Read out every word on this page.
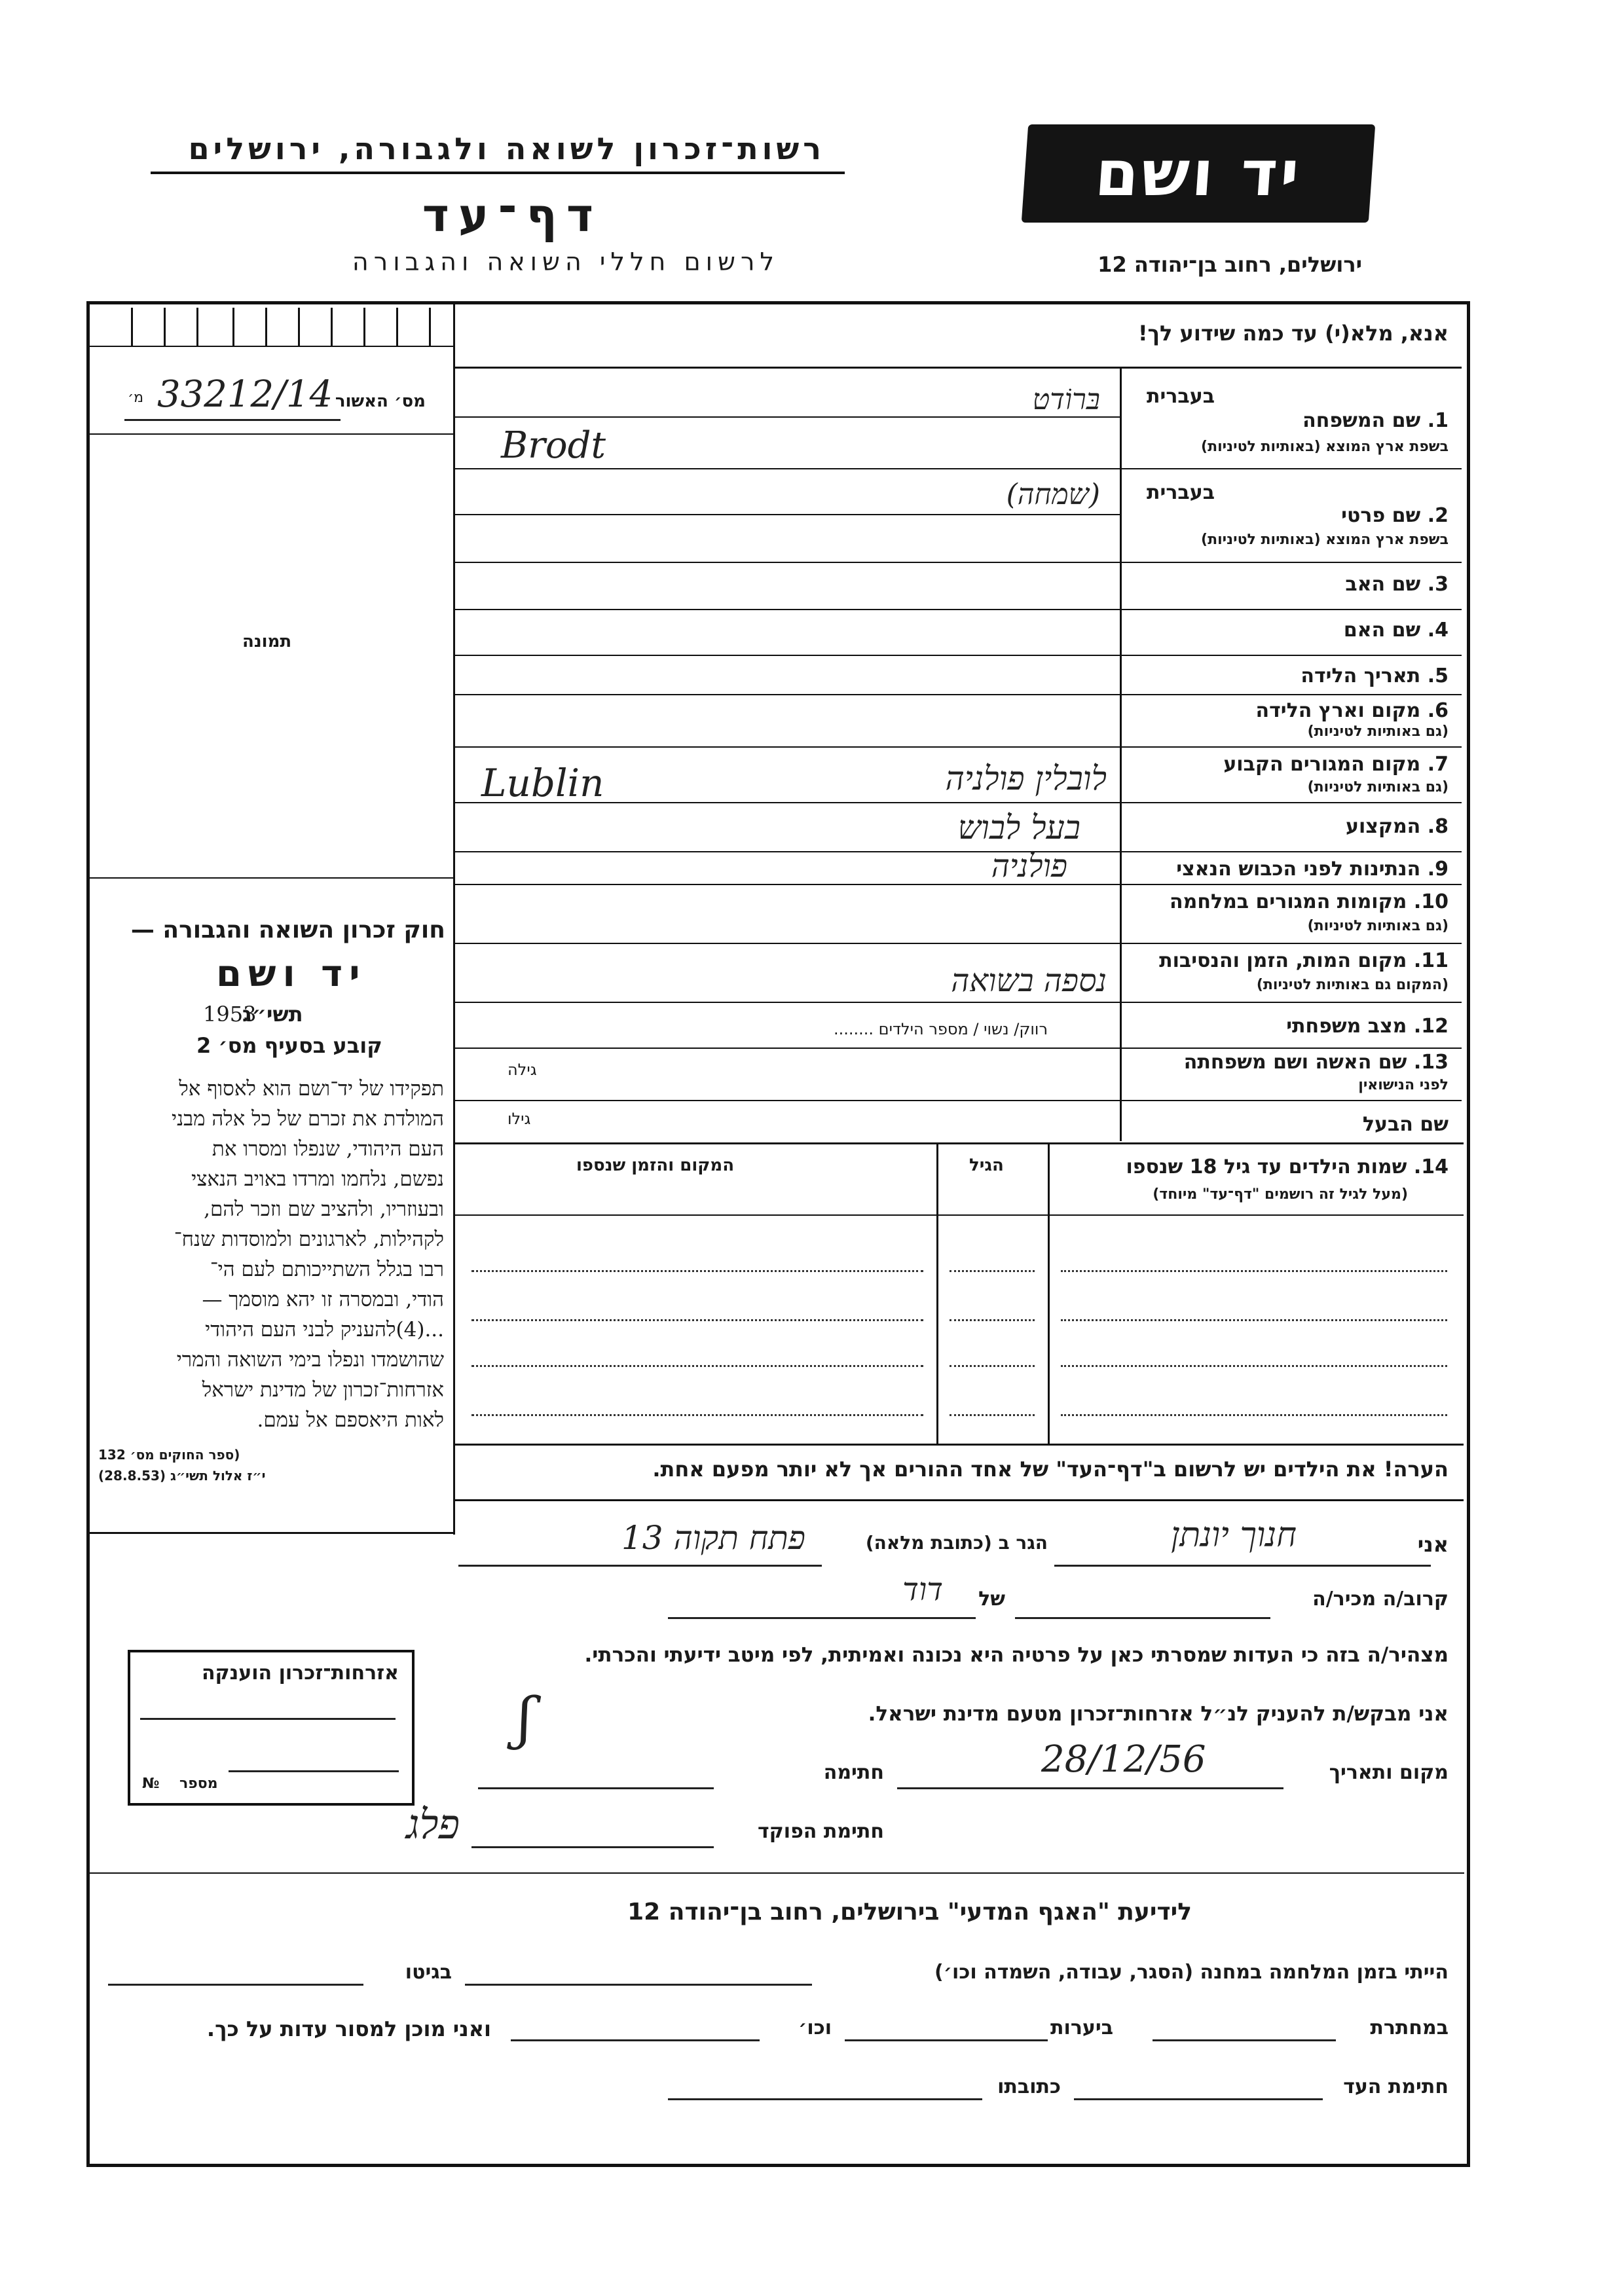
רשות־זכרון לשואה ולגבורה, ירושלים
דף־עד
לרשום חללי השואה והגבורה
יד ושם
ירושלים, רחוב בן־יהודה 12
33212/14
מ׳	מס׳ האשור
תמונה
חוק זכרון השואה והגבורה —
יד ושם
תשי״ג
1953
קובע בסעיף מס׳ 2
תפקידו של יד־ושם הוא לאסוף אל
המולדת את זכרם של כל אלה מבני
העם היהודי, שנפלו ומסרו את
נפשם, נלחמו ומרדו באויב הנאצי
ובעוזריו, ולהציב שם וזכר להם,
לקהילות, לארגונים ולמוסדות שנח־
רבו בגלל השתייכותם לעם הי־
הודי, ובמסרה זו יהא מוסמך —
...(4)להעניק לבני העם היהודי
שהושמדו ונפלו בימי השואה והמרי
אזרחות־זכרון של מדינת ישראל
לאות היאספם אל עמם.
(ספר החוקים מס׳ 132
י״ז אלול תשי״ג (28.8.53)
אנא, מלא(י) עד כמה שידוע לך!
בעברית
1. שם המשפחה
בשפת ארץ המוצא (באותיות לטיניות)
בּרוֹדט
Brodt
בעברית
2. שם פרטי
בשפת ארץ המוצא (באותיות לטיניות)
(שמחה)
3. שם האב
4. שם האם
5. תאריך הלידה
6. מקום וארץ הלידה
(גם באותיות לטיניות)
7. מקום המגורים הקבוע
(גם באותיות לטיניות)
לובלין פולניה
Lublin
8. המקצוע
בעל לבוש
9. הנתינות לפני הכבוש הנאצי
פולניה
10. מקומות המגורים במלחמה
(גם באותיות לטיניות)
11. מקום המות, הזמן והנסיבות
(המקום גם באותיות לטיניות)
נספה בשואה
12. מצב משפחתי
רווק/ נשוי / מספר הילדים ........
13. שם האשה ושם משפחתה
לפני הנישואין
גילה
שם הבעל
גילו
14. שמות הילדים עד גיל 18 שנספו
(מעל לגיל זה רושמים "דף־עד" מיוחד)
הגיל
המקום והזמן שנספו
הערה! את הילדים יש לרשום ב"דף־העד" של אחד ההורים אך לא יותר מפעם אחת.
אני
חנוך יונתן
הגר ב (כתובת מלאה)
פתח תקוה 13
קרוב/ה מכיר/ה
של
דוד
מצהיר/ה בזה כי העדות שמסרתי כאן על פרטיה היא נכונה ואמיתית, לפי מיטב ידיעתי והכרתי.
אני מבקש/ת להעניק לנ״ל אזרחות־זכרון מטעם מדינת ישראל.
ʃ
מקום ותאריך
28/12/56
חתימה
חתימת הפוקד
פלג
אזרחות־זכרון הוענקה
מספר
№
לידיעת "האגף המדעי" בירושלים, רחוב בן־יהודה 12
הייתי בזמן המלחמה במחנה (הסגר, עבודה, השמדה וכו׳)
בגיטו
במחתרת
ביערות
וכו׳
ואני מוכן למסור עדות על כך.
חתימת העד
כתובתו
